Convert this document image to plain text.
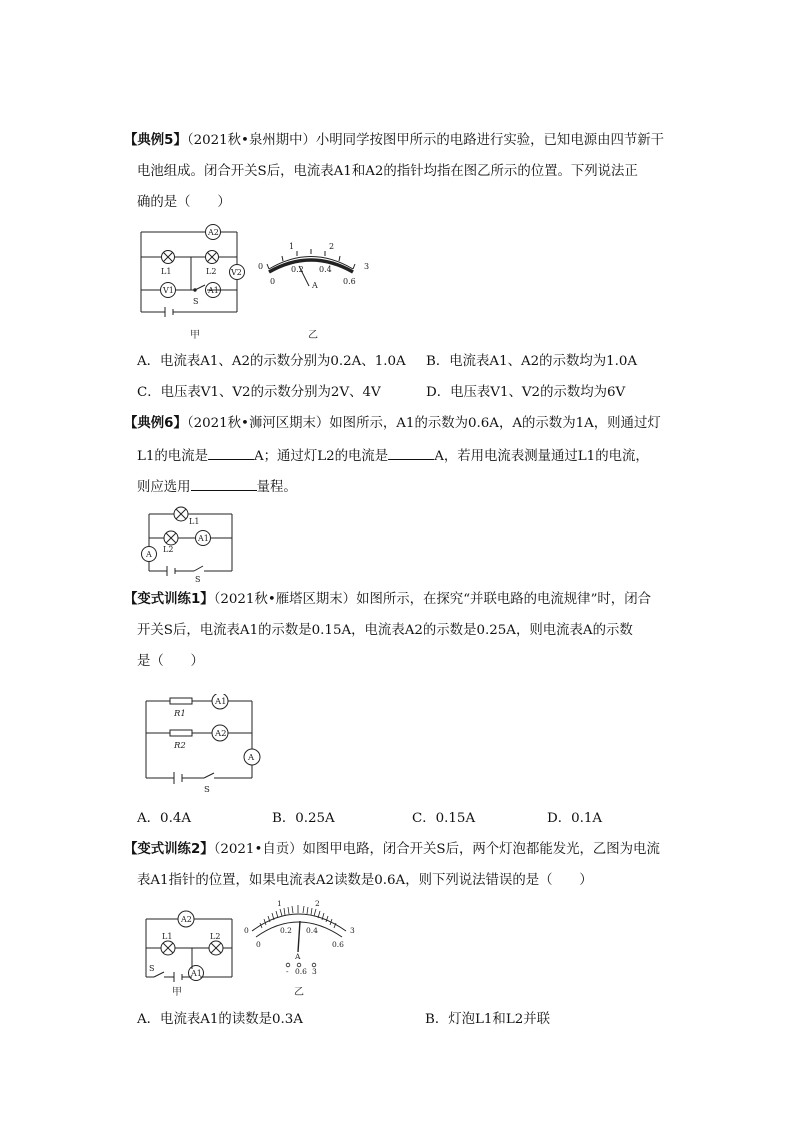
【典例5】（2021秋•泉州期中）小明同学按图甲所示的电路进行实验，已知电源由四节新干
电池组成。闭合开关S后，电流表A1和A2的指针均指在图乙所示的位置。下列说法正
确的是（　　）
A2
L1	L2 V2
V1	A1
S
甲
0
1	2
3
0
0.2 0.4
0.6
A
乙
A．电流表A1、A2的示数分别为0.2A、1.0A B．电流表A1、A2的示数均为1.0A
C．电压表V1、V2的示数分别为2V、4V	D．电压表V1、V2的示数均为6V
【典例6】（2021秋•浉河区期末）如图所示，A1的示数为0.6A，A的示数为1A，则通过灯
L1的电流是	A；通过灯L2的电流是	A，若用电流表测量通过L1的电流，
则应选用	量程。
L1
L2
A1
A
S
【变式训练1】（2021秋•雁塔区期末）如图所示，在探究“并联电路的电流规律”时，闭合
开关S后，电流表A1的示数是0.15A，电流表A2的示数是0.25A，则电流表A的示数
是（　　）
R1
R2
A1
A2
A
S
A．0.4A	B．0.25A	C．0.15A	D．0.1A
【变式训练2】（2021•自贡）如图甲电路，闭合开关S后，两个灯泡都能发光，乙图为电流
表A1指针的位置，如果电流表A2读数是0.6A，则下列说法错误的是（　　）
A2
L1	L2
A1
S
甲
0
1	2
3
0
0.2 0.4
0.6
A
- 0.6 3
乙
A．电流表A1的读数是0.3A	B．灯泡L1和L2并联
